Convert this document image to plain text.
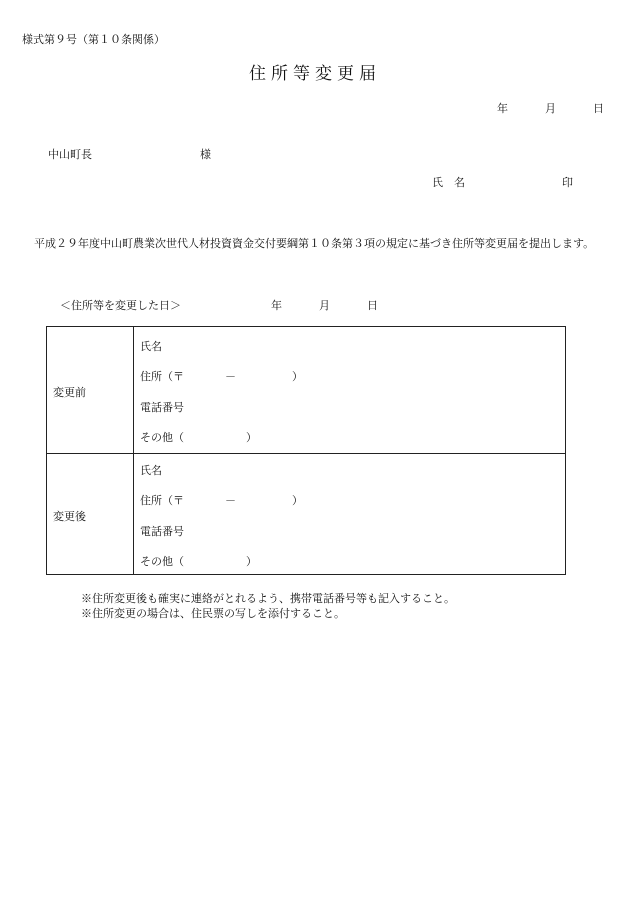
様式第９号（第１０条関係）
住所等変更届
年	月	日
中山町長	様
氏名	印
平成２９年度中山町農業次世代人材投資資金交付要綱第１０条第３項の規定に基づき住所等変更届を提出します。
＜住所等を変更した日＞	年	月	日
変更前
氏名
住所（〒	－	）
電話番号
その他（	）
変更後
氏名
住所（〒	－	）
電話番号
その他（	）
※住所変更後も確実に連絡がとれるよう、携帯電話番号等も記入すること。
※住所変更の場合は、住民票の写しを添付すること。
